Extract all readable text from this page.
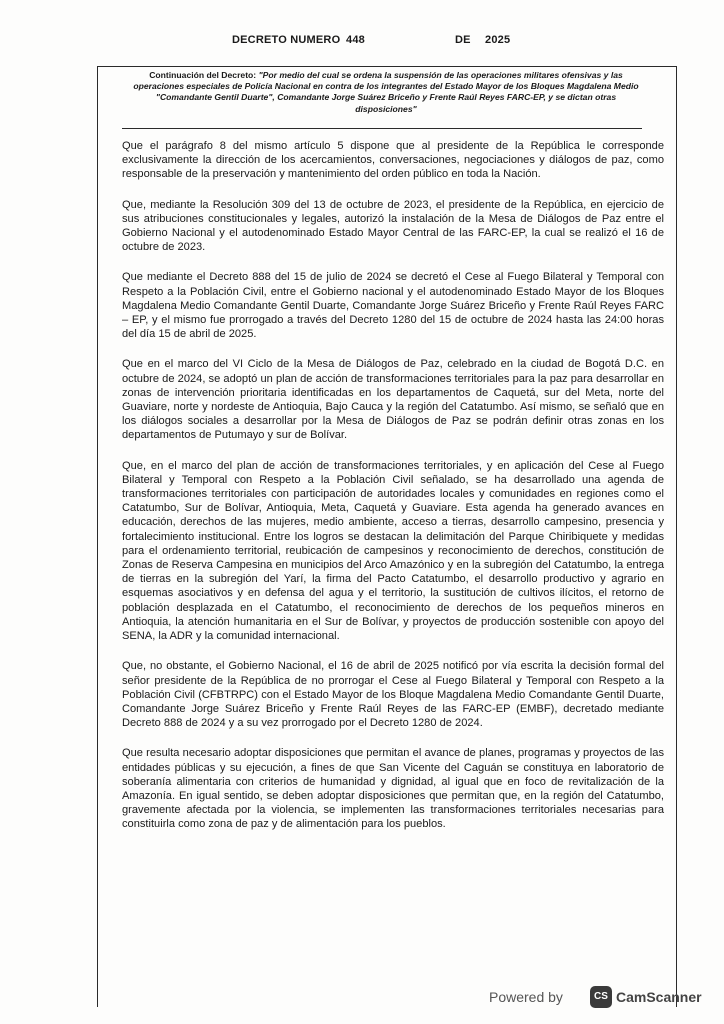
DECRETO NUMERO 448	DE 2025
Continuación del Decreto: "Por medio del cual se ordena la suspensión de las operaciones militares ofensivas y las operaciones especiales de Policía Nacional en contra de los integrantes del Estado Mayor de los Bloques Magdalena Medio "Comandante Gentil Duarte", Comandante Jorge Suárez Briceño y Frente Raúl Reyes FARC-EP, y se dictan otras disposiciones"

Que el parágrafo 8 del mismo artículo 5 dispone que al presidente de la República le corresponde exclusivamente la dirección de los acercamientos, conversaciones, negociaciones y diálogos de paz, como responsable de la preservación y mantenimiento del orden público en toda la Nación.

Que, mediante la Resolución 309 del 13 de octubre de 2023, el presidente de la República, en ejercicio de sus atribuciones constitucionales y legales, autorizó la instalación de la Mesa de Diálogos de Paz entre el Gobierno Nacional y el autodenominado Estado Mayor Central de las FARC-EP, la cual se realizó el 16 de octubre de 2023.

Que mediante el Decreto 888 del 15 de julio de 2024 se decretó el Cese al Fuego Bilateral y Temporal con Respeto a la Población Civil, entre el Gobierno nacional y el autodenominado Estado Mayor de los Bloques Magdalena Medio Comandante Gentil Duarte, Comandante Jorge Suárez Briceño y Frente Raúl Reyes FARC – EP, y el mismo fue prorrogado a través del Decreto 1280 del 15 de octubre de 2024 hasta las 24:00 horas del día 15 de abril de 2025.

Que en el marco del VI Ciclo de la Mesa de Diálogos de Paz, celebrado en la ciudad de Bogotá D.C. en octubre de 2024, se adoptó un plan de acción de transformaciones territoriales para la paz para desarrollar en zonas de intervención prioritaria identificadas en los departamentos de Caquetá, sur del Meta, norte del Guaviare, norte y nordeste de Antioquia, Bajo Cauca y la región del Catatumbo. Así mismo, se señaló que en los diálogos sociales a desarrollar por la Mesa de Diálogos de Paz se podrán definir otras zonas en los departamentos de Putumayo y sur de Bolívar.

Que, en el marco del plan de acción de transformaciones territoriales, y en aplicación del Cese al Fuego Bilateral y Temporal con Respeto a la Población Civil señalado, se ha desarrollado una agenda de transformaciones territoriales con participación de autoridades locales y comunidades en regiones como el Catatumbo, Sur de Bolívar, Antioquia, Meta, Caquetá y Guaviare. Esta agenda ha generado avances en educación, derechos de las mujeres, medio ambiente, acceso a tierras, desarrollo campesino, presencia y fortalecimiento institucional. Entre los logros se destacan la delimitación del Parque Chiribiquete y medidas para el ordenamiento territorial, reubicación de campesinos y reconocimiento de derechos, constitución de Zonas de Reserva Campesina en municipios del Arco Amazónico y en la subregión del Catatumbo, la entrega de tierras en la subregión del Yarí, la firma del Pacto Catatumbo, el desarrollo productivo y agrario en esquemas asociativos y en defensa del agua y el territorio, la sustitución de cultivos ilícitos, el retorno de población desplazada en el Catatumbo, el reconocimiento de derechos de los pequeños mineros en Antioquia, la atención humanitaria en el Sur de Bolívar, y proyectos de producción sostenible con apoyo del SENA, la ADR y la comunidad internacional.

Que, no obstante, el Gobierno Nacional, el 16 de abril de 2025 notificó por vía escrita la decisión formal del señor presidente de la República de no prorrogar el Cese al Fuego Bilateral y Temporal con Respeto a la Población Civil (CFBTRPC) con el Estado Mayor de los Bloque Magdalena Medio Comandante Gentil Duarte, Comandante Jorge Suárez Briceño y Frente Raúl Reyes de las FARC-EP (EMBF), decretado mediante Decreto 888 de 2024 y a su vez prorrogado por el Decreto 1280 de 2024.

Que resulta necesario adoptar disposiciones que permitan el avance de planes, programas y proyectos de las entidades públicas y su ejecución, a fines de que San Vicente del Caguán se constituya en laboratorio de soberanía alimentaria con criterios de humanidad y dignidad, al igual que en foco de revitalización de la Amazonía. En igual sentido, se deben adoptar disposiciones que permitan que, en la región del Catatumbo, gravemente afectada por la violencia, se implementen las transformaciones territoriales necesarias para constituirla como zona de paz y de alimentación para los pueblos.

Powered by	CS CamScanner
